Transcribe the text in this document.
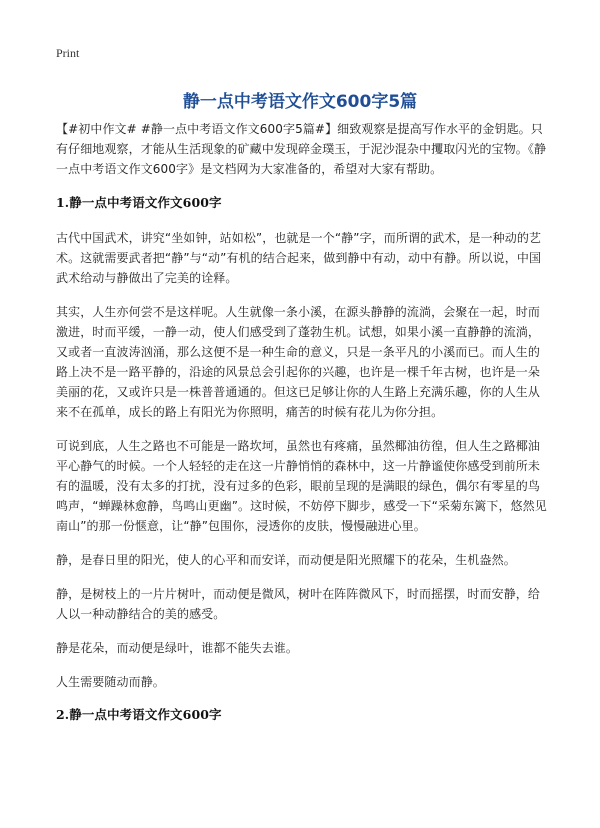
Print
静一点中考语文作文600字5篇

【#初中作文# #静一点中考语文作文600字5篇#】细致观察是提高写作水平的金钥匙。只有仔细地观察，才能从生活现象的矿藏中发现碎金璞玉，于泥沙混杂中攫取闪光的宝物。《静一点中考语文作文600字》是文档网为大家准备的，希望对大家有帮助。

1.静一点中考语文作文600字

古代中国武术，讲究“坐如钟，站如松”，也就是一个“静”字，而所谓的武术，是一种动的艺术。这就需要武者把“静”与“动”有机的结合起来，做到静中有动，动中有静。所以说，中国武术给动与静做出了完美的诠释。

其实，人生亦何尝不是这样呢。人生就像一条小溪，在源头静静的流淌，会聚在一起，时而激进，时而平缓，一静一动，使人们感受到了蓬勃生机。试想，如果小溪一直静静的流淌，又或者一直波涛汹涌，那么这便不是一种生命的意义，只是一条平凡的小溪而已。而人生的路上决不是一路平静的，沿途的风景总会引起你的兴趣，也许是一棵千年古树，也许是一朵美丽的花，又或许只是一株普普通通的。但这已足够让你的人生路上充满乐趣，你的人生从来不在孤单，成长的路上有阳光为你照明，痛苦的时候有花儿为你分担。

可说到底，人生之路也不可能是一路坎坷，虽然也有疼痛，虽然椰油彷徨，但人生之路椰油平心静气的时候。一个人轻轻的走在这一片静悄悄的森林中，这一片静谧使你感受到前所未有的温暖，没有太多的打扰，没有过多的色彩，眼前呈现的是满眼的绿色，偶尔有零星的鸟鸣声，“蝉躁林愈静，鸟鸣山更幽”。这时候，不妨停下脚步，感受一下“采菊东篱下，悠然见南山”的那一份惬意，让“静”包围你，浸透你的皮肤，慢慢融进心里。

静，是春日里的阳光，使人的心平和而安详，而动便是阳光照耀下的花朵，生机盎然。

静，是树枝上的一片片树叶，而动便是微风，树叶在阵阵微风下，时而摇摆，时而安静，给人以一种动静结合的美的感受。

静是花朵，而动便是绿叶，谁都不能失去谁。

人生需要随动而静。

2.静一点中考语文作文600字
